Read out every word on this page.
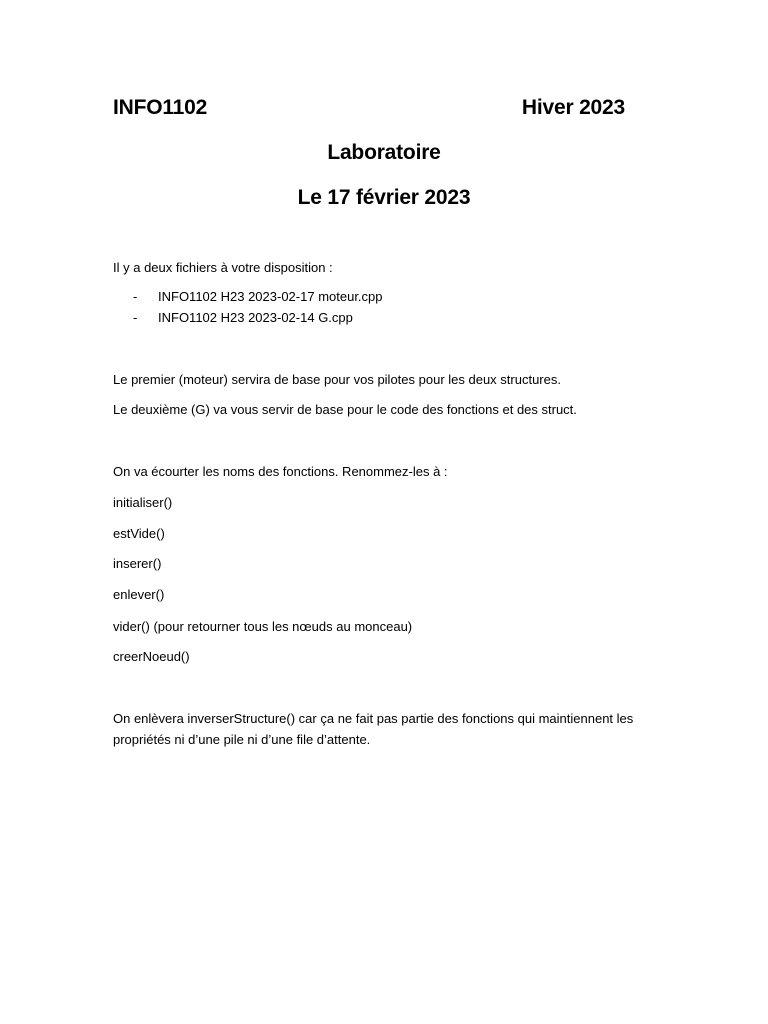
INFO1102	Hiver 2023
Laboratoire
Le 17 février 2023
Il y a deux fichiers à votre disposition :
- INFO1102 H23 2023-02-17 moteur.cpp
- INFO1102 H23 2023-02-14 G.cpp
Le premier (moteur) servira de base pour vos pilotes pour les deux structures.
Le deuxième (G) va vous servir de base pour le code des fonctions et des struct.
On va écourter les noms des fonctions. Renommez-les à :
initialiser()
estVide()
inserer()
enlever()
vider() (pour retourner tous les nœuds au monceau)
creerNoeud()
On enlèvera inverserStructure() car ça ne fait pas partie des fonctions qui maintiennent les propriétés ni d’une pile ni d’une file d’attente.
